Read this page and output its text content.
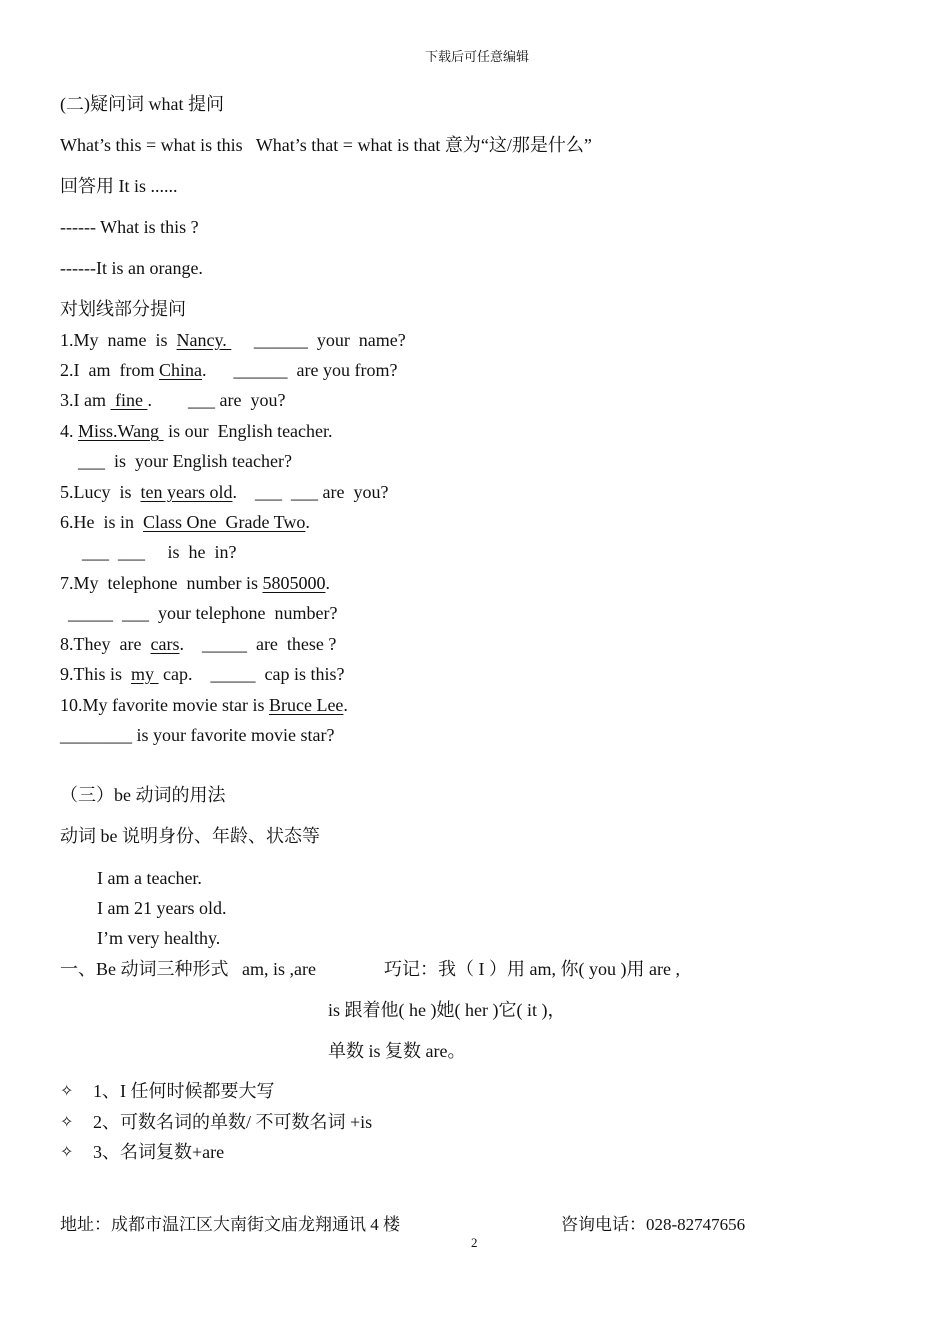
下载后可任意编辑
(二)疑问词 what 提问
What’s this = what is this   What’s that = what is that 意为“这/那是什么”
回答用 It is ......
------ What is this ?
------It is an orange.
对划线部分提问
1.My  name  is  Nancy.      ______  your  name?
2.I  am  from China.      ______  are you from?
3.I am  fine .        ___ are  you?
4. Miss.Wang  is our  English teacher.
___  is  your English teacher?
5.Lucy  is  ten years old.    ___  ___ are  you?
6.He  is in  Class One  Grade Two.
___  ___     is  he  in?
7.My  telephone  number is 5805000.
_____  ___  your telephone  number?
8.They  are  cars.    _____  are  these ?
9.This is  my  cap.    _____  cap is this?
10.My favorite movie star is Bruce Lee.
________ is your favorite movie star?
（三）be 动词的用法
动词 be 说明身份、年龄、状态等
I am a teacher.
I am 21 years old.
I’m very healthy.
一、Be 动词三种形式   am, is ,are	巧记：我（ I ）用 am, 你( you )用 are ,
is 跟着他( he )她( her )它( it )，
单数 is 复数 are。
✧ 1、I 任何时候都要大写
✧ 2、可数名词的单数/ 不可数名词 +is
✧ 3、名词复数+are
地址：成都市温江区大南街文庙龙翔通讯 4 楼	咨询电话：028-82747656
2
